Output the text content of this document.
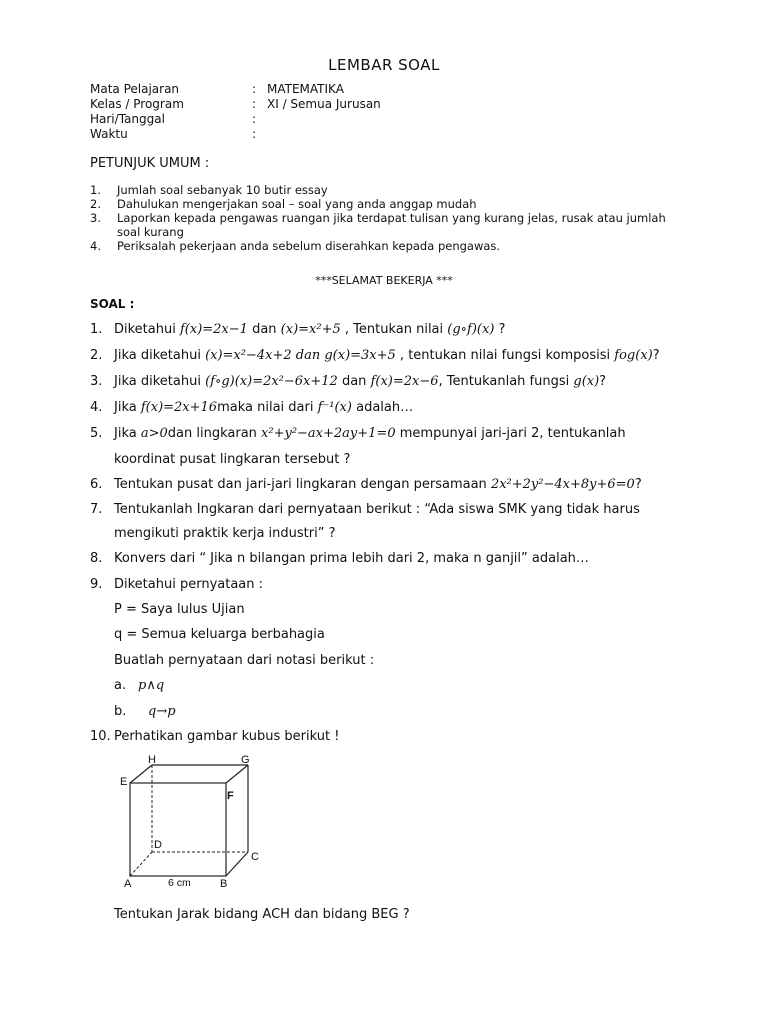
LEMBAR SOAL
Mata Pelajaran	: MATEMATIKA
Kelas / Program	: XI / Semua Jurusan
Hari/Tanggal	:
Waktu	:
PETUNJUK UMUM :
1. Jumlah soal sebanyak 10 butir essay
2. Dahulukan mengerjakan soal – soal yang anda anggap mudah
3. Laporkan kepada pengawas ruangan jika terdapat tulisan yang kurang jelas, rusak atau jumlah soal kurang
4. Periksalah pekerjaan anda sebelum diserahkan kepada pengawas.
***SELAMAT BEKERJA ***
SOAL :
1. Diketahui f(x)=2x−1 dan (x)=x²+5 , Tentukan nilai (g∘f)(x) ?
2. Jika diketahui (x)=x²−4x+2 dan g(x)=3x+5 , tentukan nilai fungsi komposisi fog(x)?
3. Jika diketahui (f∘g)(x)=2x²−6x+12 dan f(x)=2x−6, Tentukanlah fungsi g(x)?
4. Jika f(x)=2x+16maka nilai dari f⁻¹(x) adalah…
5. Jika a>0dan lingkaran x²+y²−ax+2ay+1=0 mempunyai jari-jari 2, tentukanlah
koordinat pusat lingkaran tersebut ?
6. Tentukan pusat dan jari-jari lingkaran dengan persamaan 2x²+2y²−4x+8y+6=0?
7. Tentukanlah Ingkaran dari pernyataan berikut : “Ada siswa SMK yang tidak harus
mengikuti praktik kerja industri” ?
8. Konvers dari “ Jika n bilangan prima lebih dari 2, maka n ganjil” adalah…
9. Diketahui pernyataan :
P = Saya lulus Ujian
q = Semua keluarga berbahagia
Buatlah pernyataan dari notasi berikut :
a. p∧q
b. q→p
10. Perhatikan gambar kubus berikut !
H	G
E
F
D
C
A	B
6 cm
Tentukan Jarak bidang ACH dan bidang BEG ?
